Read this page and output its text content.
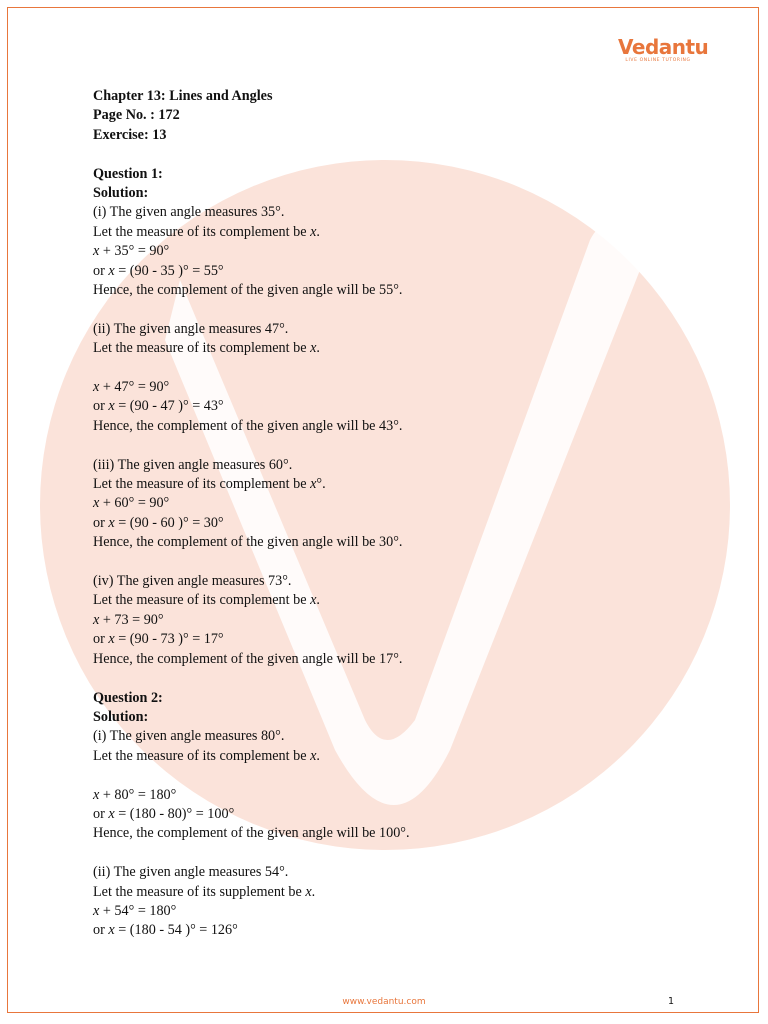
Vedantu
LIVE ONLINE TUTORING

Chapter 13: Lines and Angles

Page No. : 172

Exercise: 13

Question 1:

Solution:

(i) The given angle measures 35°.

Let the measure of its complement be x.

x + 35° = 90°

or x = (90 - 35 )° = 55°

Hence, the complement of the given angle will be 55°.

(ii) The given angle measures 47°.

Let the measure of its complement be x.

x + 47° = 90°

or x = (90 - 47 )° = 43°

Hence, the complement of the given angle will be 43°.

(iii) The given angle measures 60°.

Let the measure of its complement be x°.

x + 60° = 90°

or x = (90 - 60 )° = 30°

Hence, the complement of the given angle will be 30°.

(iv) The given angle measures 73°.

Let the measure of its complement be x.

x + 73 = 90°

or x = (90 - 73 )° = 17°

Hence, the complement of the given angle will be 17°.

Question 2:

Solution:

(i) The given angle measures 80°.

Let the measure of its complement be x.

x + 80° = 180°

or x = (180 - 80)° = 100°

Hence, the complement of the given angle will be 100°.

(ii) The given angle measures 54°.

Let the measure of its supplement be x.

x + 54° = 180°

or x = (180 - 54 )° = 126°

www.vedantu.com	1
